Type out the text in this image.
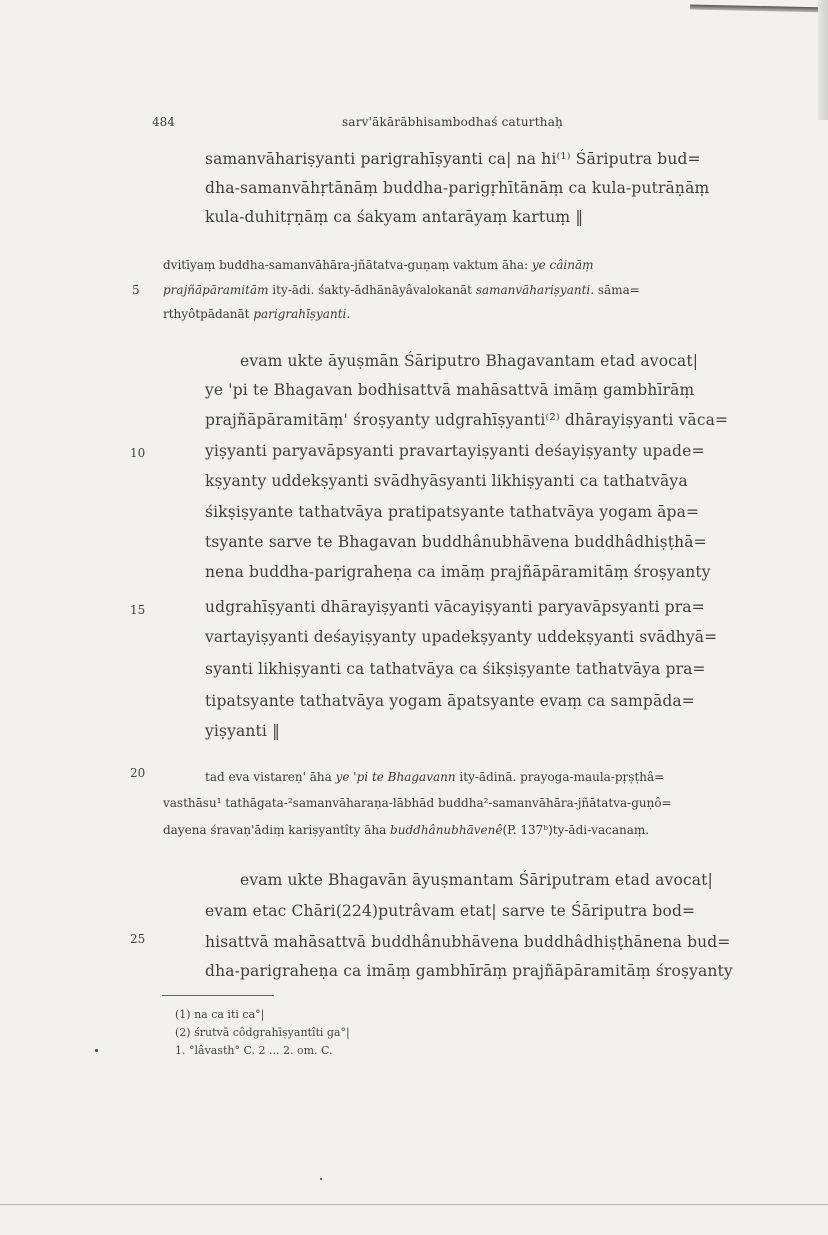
484	sarv'ākārābhisambodhaś caturthaḥ
5
10
15
20
25
samanvāhariṣyanti parigrahīṣyanti ca| na hi⁽¹⁾ Śāriputra bud=
dha-samanvāhṛtānāṃ buddha-parigṛhītānāṃ ca kula-putrāṇāṃ
kula-duhitṛṇāṃ ca śakyam antarāyaṃ kartuṃ ‖
dvitīyaṃ buddha-samanvāhāra-jñātatva-guṇaṃ vaktum āha: ye câināṃ
prajñāpāramitām ity-ādi. śakty-ādhānāyâvalokanāt samanvāhariṣyanti. sāma=
rthyôtpādanāt parigrahīṣyanti.
evam ukte āyuṣmān Śāriputro Bhagavantam etad avocat|
ye 'pi te Bhagavan bodhisattvā mahāsattvā imāṃ gambhīrāṃ
prajñāpāramitāṃ' śroṣyanty udgrahīṣyanti⁽²⁾ dhārayiṣyanti vāca=
yiṣyanti paryavāpsyanti pravartayiṣyanti deśayiṣyanty upade=
kṣyanty uddekṣyanti svādhyāsyanti likhiṣyanti ca tathatvāya
śikṣiṣyante tathatvāya pratipatsyante tathatvāya yogam āpa=
tsyante sarve te Bhagavan buddhânubhāvena buddhâdhiṣṭhā=
nena buddha-parigraheṇa ca imāṃ prajñāpāramitāṃ śroṣyanty
udgrahīṣyanti dhārayiṣyanti vācayiṣyanti paryavāpsyanti pra=
vartayiṣyanti deśayiṣyanty upadekṣyanty uddekṣyanti svādhyā=
syanti likhiṣyanti ca tathatvāya ca śikṣiṣyante tathatvāya pra=
tipatsyante tathatvāya yogam āpatsyante evaṃ ca sampāda=
yiṣyanti ‖
tad eva vistareṇ' āha ye 'pi te Bhagavann ity-ādinā. prayoga-maula-pṛṣṭhâ=
vasthāsu¹ tathāgata-²samanvāharaṇa-lābhād buddha²-samanvāhāra-jñātatva-guṇô=
dayena śravaṇ'ādiṃ kariṣyantîty āha buddhânubhāvenê(P. 137ᵇ)ty-ādi-vacanaṃ.
evam ukte Bhagavān āyuṣmantam Śāriputram etad avocat|
evam etac Chāri(224)putrâvam etat| sarve te Śāriputra bod=
hisattvā mahāsattvā buddhânubhāvena buddhâdhiṣṭhānena bud=
dha-parigraheṇa ca imāṃ gambhīrāṃ prajñāpāramitāṃ śroṣyanty
(1) na ca iti ca°|
(2) śrutvā côdgrahīṣyantîti ga°|
1. °lâvasth° C. 2 ... 2. om. C.
